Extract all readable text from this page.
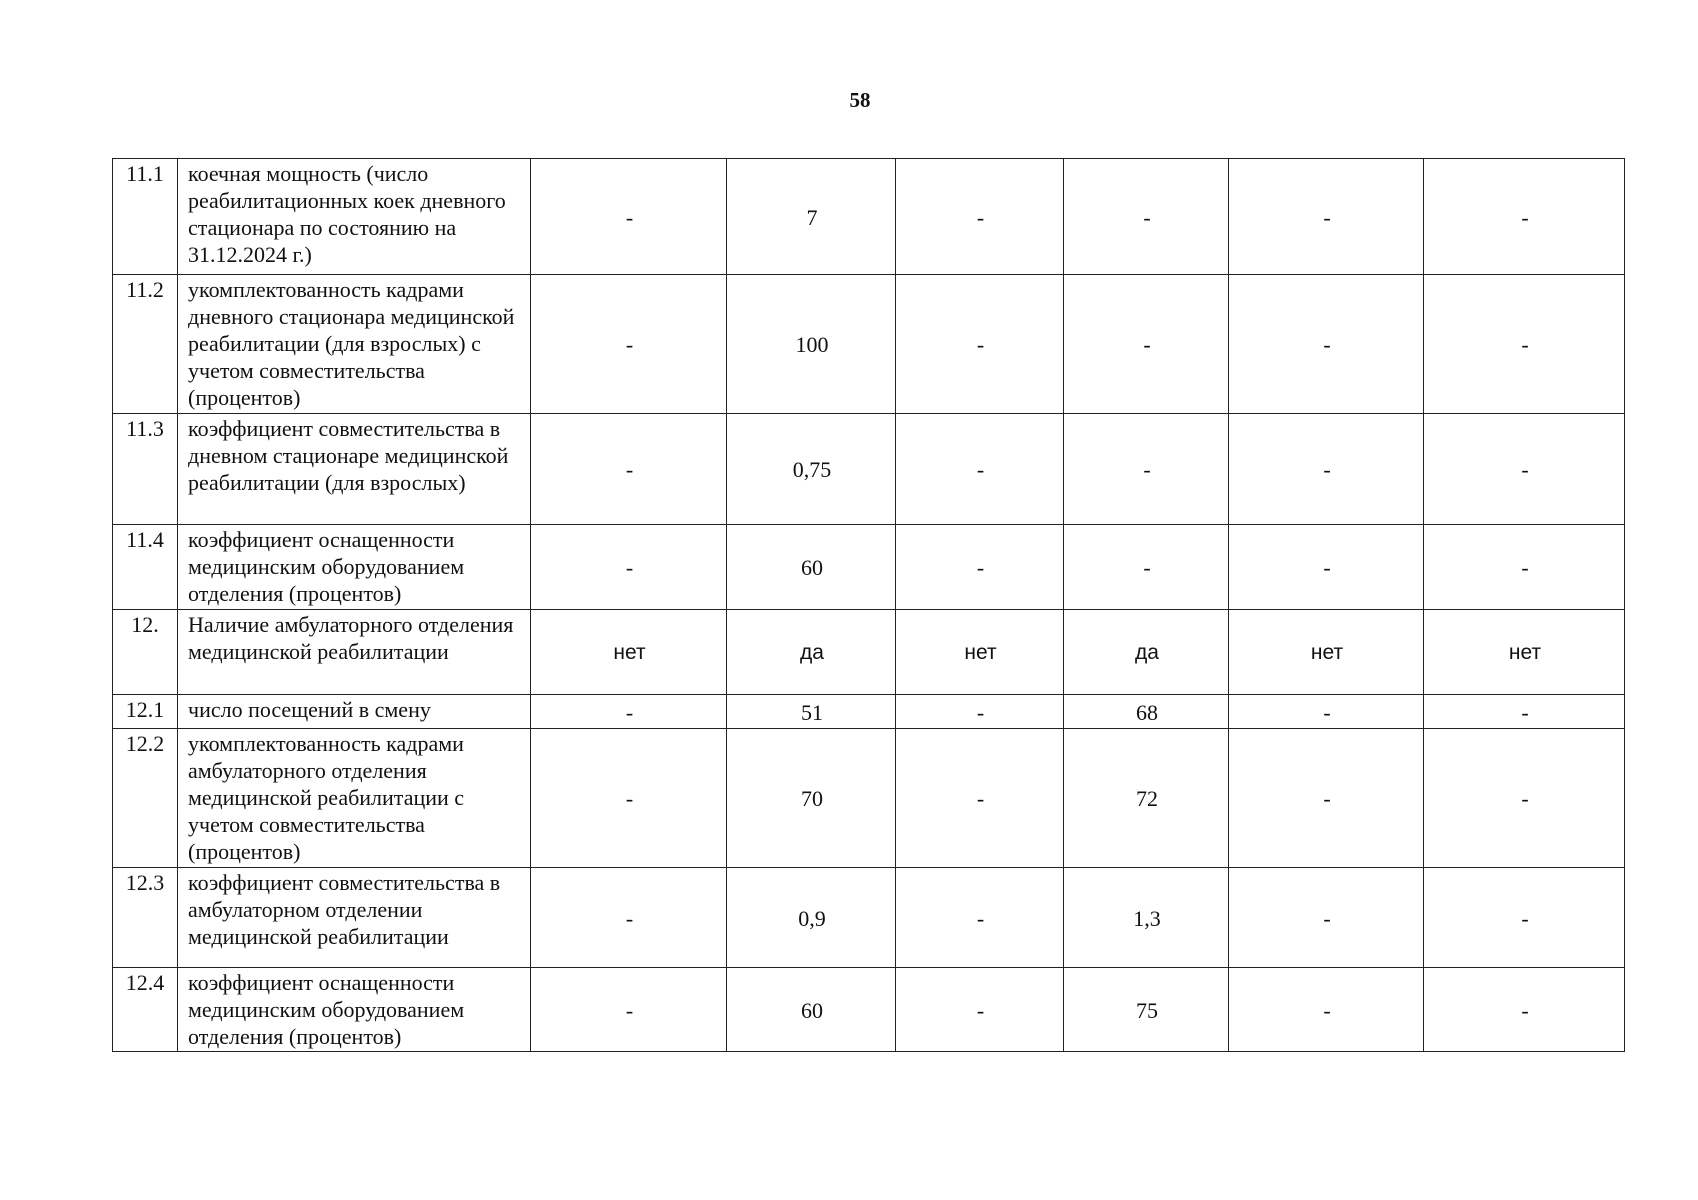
58
11.1	коечная мощность (число реабилитационных коек дневного стационара по состоянию на 31.12.2024 г.)	-	7	-	-	-	-
11.2	укомплектованность кадрами дневного стационара медицинской реабилитации (для взрослых) с учетом совместительства (процентов)	-	100	-	-	-	-
11.3	коэффициент совместительства в дневном стационаре медицинской реабилитации (для взрослых)	-	0,75	-	-	-	-
11.4	коэффициент оснащенности медицинским оборудованием отделения (процентов)	-	60	-	-	-	-
12.	Наличие амбулаторного отделения медицинской реабилитации	нет	да	нет	да	нет	нет
12.1	число посещений в смену	-	51	-	68	-	-
12.2	укомплектованность кадрами амбулаторного отделения медицинской реабилитации с учетом совместительства (процентов)	-	70	-	72	-	-
12.3	коэффициент совместительства в амбулаторном отделении медицинской реабилитации	-	0,9	-	1,3	-	-
12.4	коэффициент оснащенности медицинским оборудованием отделения (процентов)	-	60	-	75	-	-
